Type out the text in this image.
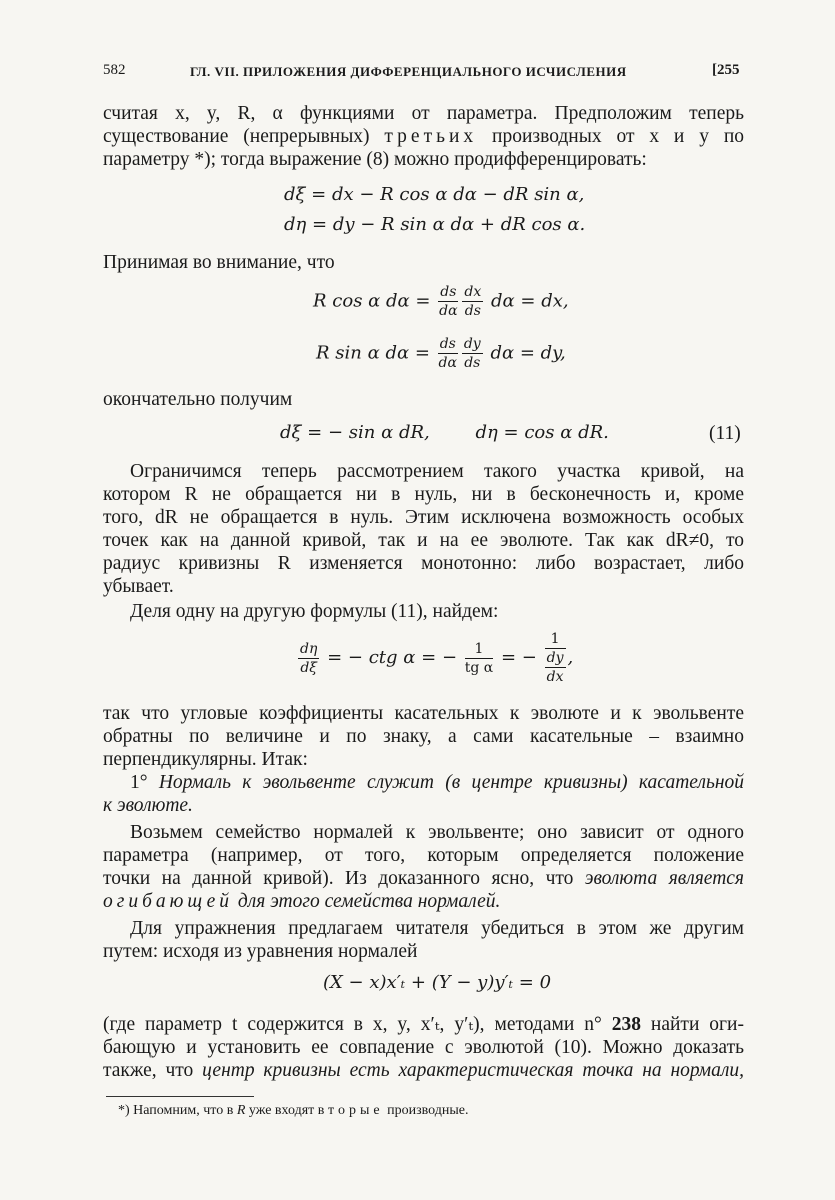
582	ГЛ. VII. ПРИЛОЖЕНИЯ ДИФФЕРЕНЦИАЛЬНОГО ИСЧИСЛЕНИЯ	[255
считая x, y, R, α функциями от параметра. Предположим теперь
существование (непрерывных) третьих производных от x и y по
параметру *); тогда выражение (8) можно продифференцировать:
dξ = dx − R cos α dα − dR sin α,
dη = dy − R sin α dα + dR cos α.
Принимая во внимание, что
R cos α $d\alpha = \frac{ds}{d\alpha} \frac{dx}{ds}$ dα = dx,
R sin α $d\alpha = \frac{ds}{d\alpha} \frac{dy}{ds}$ dα = dy,
окончательно получим
dξ = − sin α dR,        dη = cos α dR.	(11)
Ограничимся теперь рассмотрением такого участка кривой, на
котором R не обращается ни в нуль, ни в бесконечность и, кроме
того, dR не обращается в нуль. Этим исключена возможность особых
точек как на данной кривой, так и на ее эволюте. Так как dR≠0, то
радиус кривизны R изменяется монотонно: либо возрастает, либо
убывает.
Деля одну на другую формулы (11), найдем:
$\frac{d\eta}{d\xi}$ = − ctg α = − $\frac{1}{\text{tg α}}$ = − 1
dy
dx ,
так что угловые коэффициенты касательных к эволюте и к эвольвенте
обратны по величине и по знаку, а сами касательные – взаимно
перпендикулярны. Итак:
1° Нормаль к эвольвенте служит (в центре кривизны) касательной
к эволюте.
Возьмем семейство нормалей к эвольвенте; оно зависит от одного
параметра (например, от того, которым определяется положение
точки на данной кривой). Из доказанного ясно, что эволюта является
огибающей для этого семейства нормалей.
Для упражнения предлагаем читателя убедиться в этом же другим
путем: исходя из уравнения нормалей
(X − x)x′ₜ + (Y − y)y′ₜ = 0
(где параметр t содержится в x, y, x′ₜ, y′ₜ), методами n° 238 найти оги-
бающую и установить ее совпадение с эволютой (10). Можно доказать
также, что центр кривизны есть характеристическая точка на нормали,
*) Напомним, что в R уже входят вторые производные.
